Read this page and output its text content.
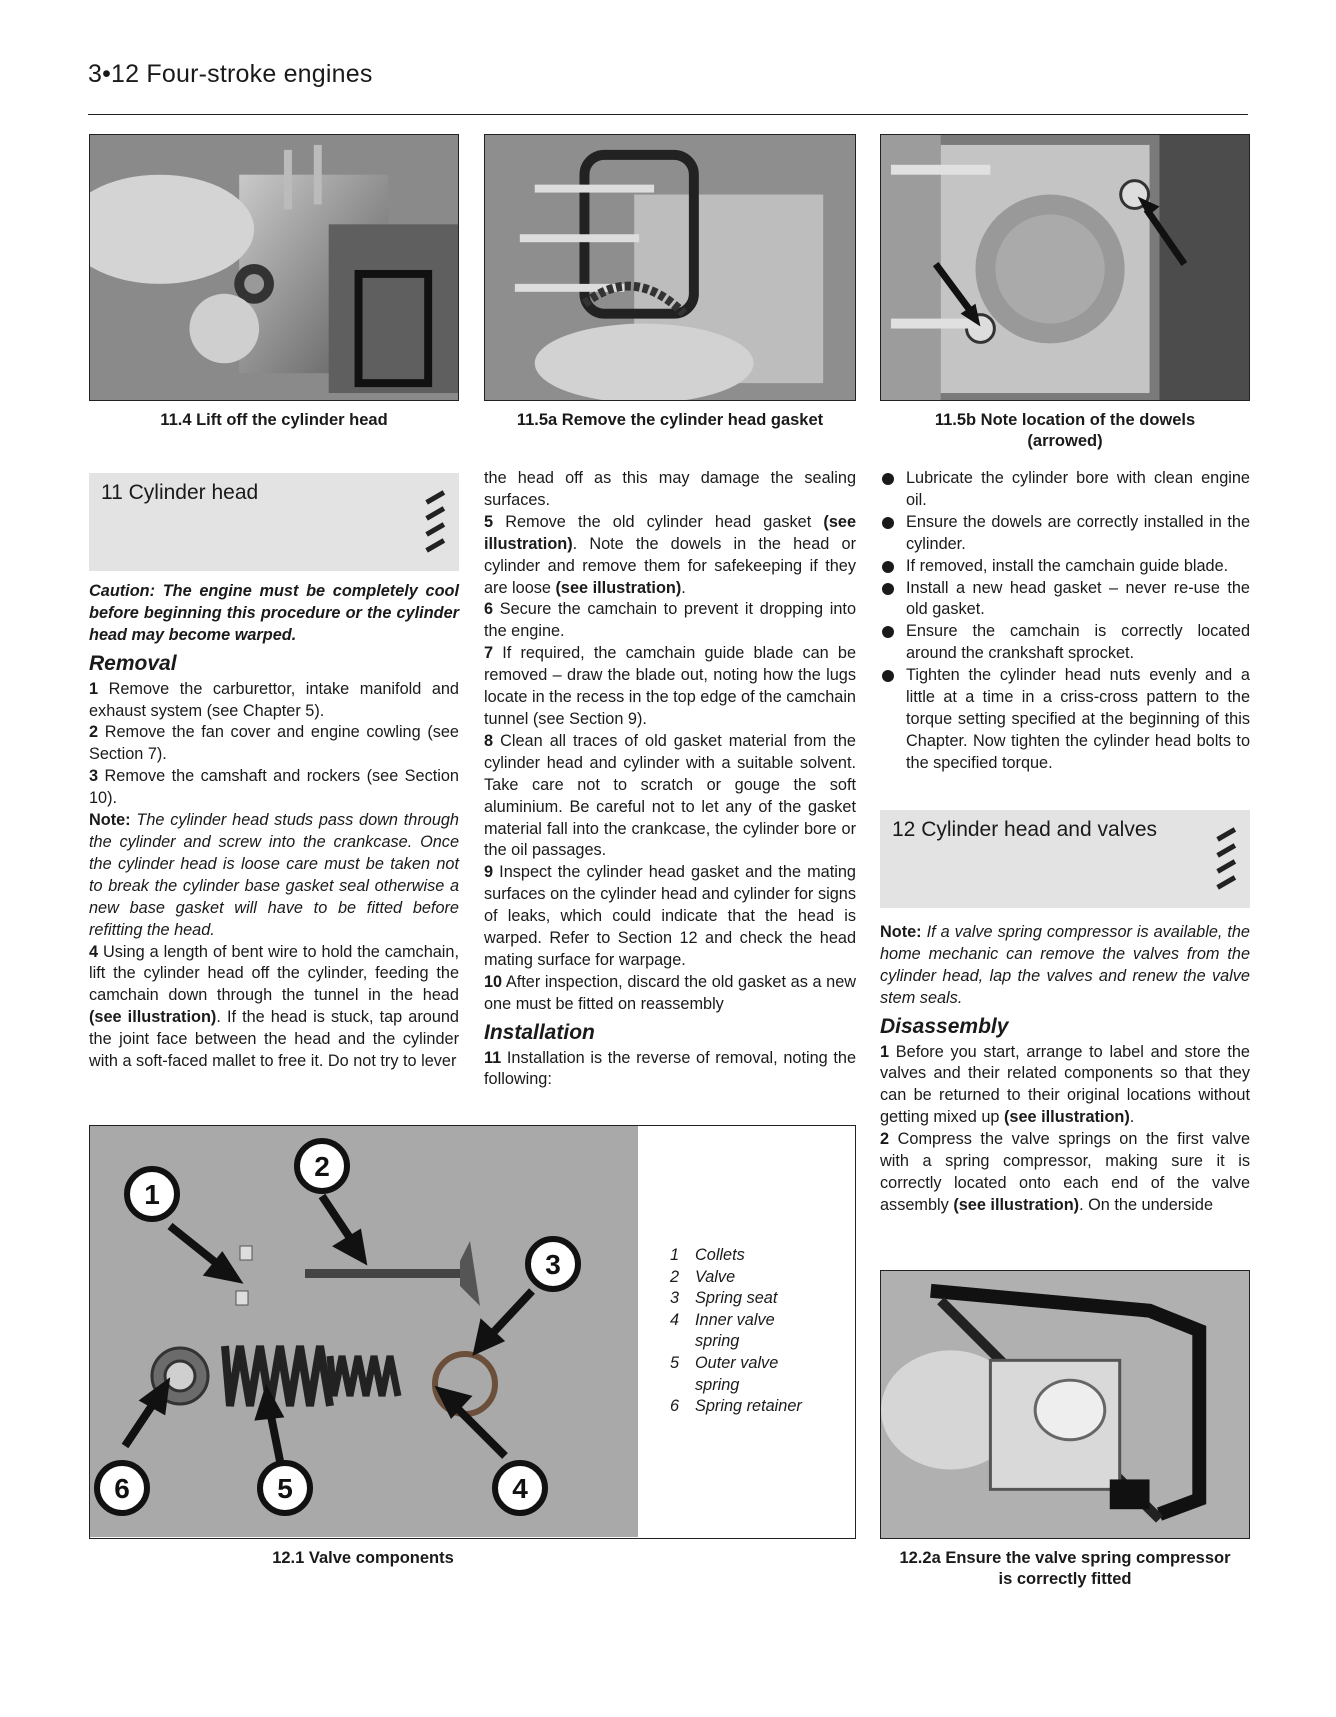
3•12 Four-stroke engines
11.4 Lift off the cylinder head	11.5a Remove the cylinder head gasket	11.5b Note location of the dowels
(arrowed)
11 Cylinder head

Caution: The engine must be completely cool before beginning this procedure or the cylinder head may become warped.

Removal

1 Remove the carburettor, intake manifold and exhaust system (see Chapter 5).

2 Remove the fan cover and engine cowling (see Section 7).

3 Remove the camshaft and rockers (see Section 10).

Note: The cylinder head studs pass down through the cylinder and screw into the crankcase. Once the cylinder head is loose care must be taken not to break the cylinder base gasket seal otherwise a new base gasket will have to be fitted before refitting the head.

4 Using a length of bent wire to hold the camchain, lift the cylinder head off the cylinder, feeding the camchain down through the tunnel in the head (see illustration). If the head is stuck, tap around the joint face between the head and the cylinder with a soft-faced mallet to free it. Do not try to lever

the head off as this may damage the sealing surfaces.

5 Remove the old cylinder head gasket (see illustration). Note the dowels in the head or cylinder and remove them for safekeeping if they are loose (see illustration).

6 Secure the camchain to prevent it dropping into the engine.

7 If required, the camchain guide blade can be removed – draw the blade out, noting how the lugs locate in the recess in the top edge of the camchain tunnel (see Section 9).

8 Clean all traces of old gasket material from the cylinder head and cylinder with a suitable solvent. Take care not to scratch or gouge the soft aluminium. Be careful not to let any of the gasket material fall into the crankcase, the cylinder bore or the oil passages.

9 Inspect the cylinder head gasket and the mating surfaces on the cylinder head and cylinder for signs of leaks, which could indicate that the head is warped. Refer to Section 12 and check the head mating surface for warpage.

10 After inspection, discard the old gasket as a new one must be fitted on reassembly

Installation

11 Installation is the reverse of removal, noting the following:

Lubricate the cylinder bore with clean engine oil.
Ensure the dowels are correctly installed in the cylinder.
If removed, install the camchain guide blade.
Install a new head gasket – never re-use the old gasket.
Ensure the camchain is correctly located around the crankshaft sprocket.
Tighten the cylinder head nuts evenly and a little at a time in a criss-cross pattern to the torque setting specified at the beginning of this Chapter. Now tighten the cylinder head bolts to the specified torque.
12 Cylinder head and valves

Note: If a valve spring compressor is available, the home mechanic can remove the valves from the cylinder head, lap the valves and renew the valve stem seals.

Disassembly

1 Before you start, arrange to label and store the valves and their related components so that they can be returned to their original locations without getting mixed up (see illustration).

2 Compress the valve springs on the first valve with a spring compressor, making sure it is correctly located onto each end of the valve assembly (see illustration). On the underside

1
2
3
4
5
6
1 Collets
2 Valve
3 Spring seat
4 Inner valve spring
5 Outer valve spring
6 Spring retainer
12.1 Valve components	12.2a Ensure the valve spring compressor
is correctly fitted
